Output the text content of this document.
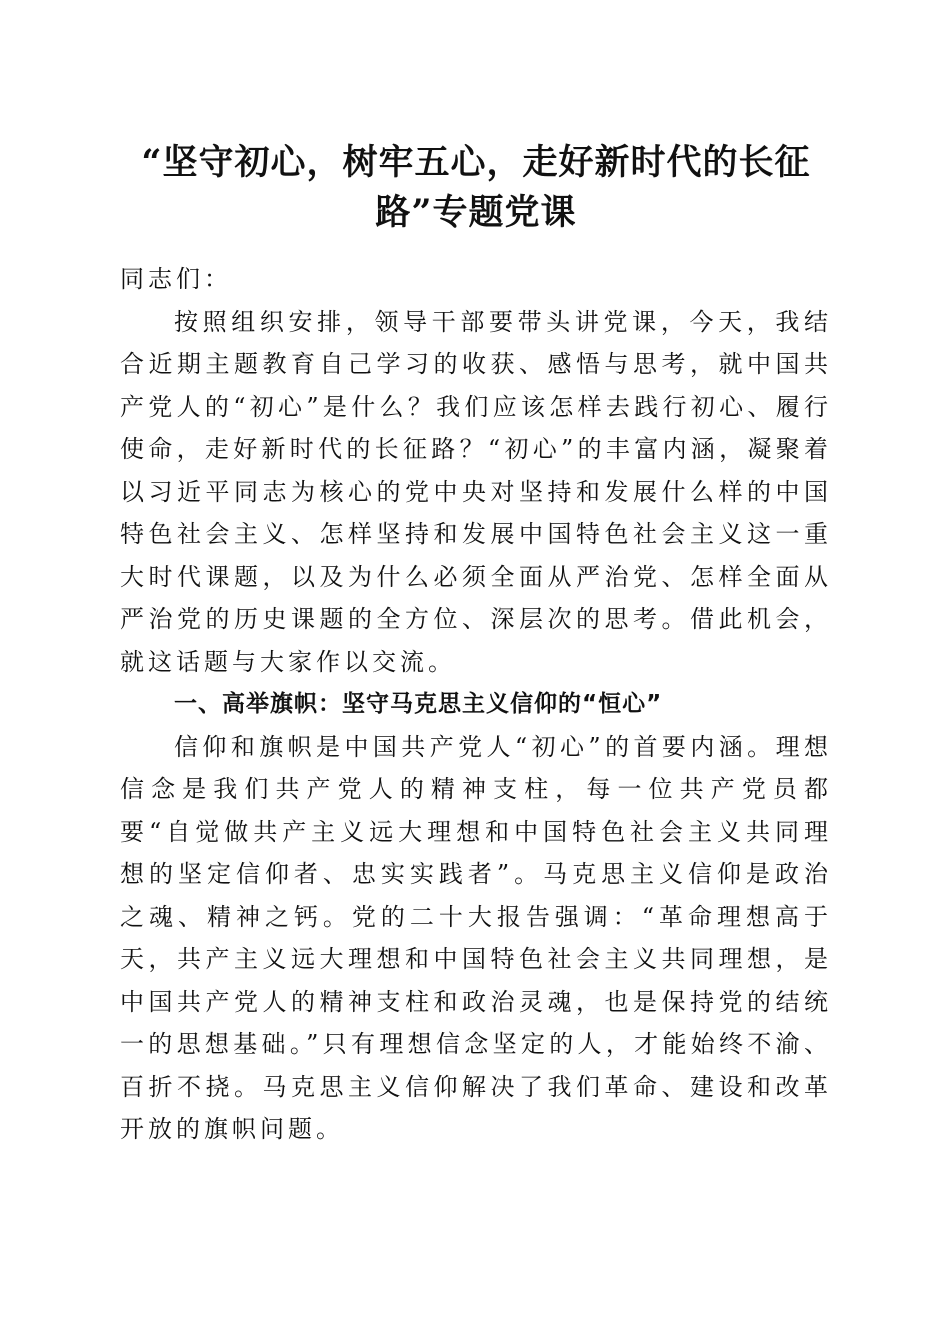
“坚守初心，树牢五心，走好新时代的长征
路”专题党课

同志们：

按照组织安排，领导干部要带头讲党课，今天，我结合近期主题教育自己学习的收获、感悟与思考，就中国共产党人的“初心”是什么？我们应该怎样去践行初心、履行使命，走好新时代的长征路？“初心”的丰富内涵，凝聚着以习近平同志为核心的党中央对坚持和发展什么样的中国特色社会主义、怎样坚持和发展中国特色社会主义这一重大时代课题，以及为什么必须全面从严治党、怎样全面从严治党的历史课题的全方位、深层次的思考。借此机会，就这话题与大家作以交流。

一、高举旗帜：坚守马克思主义信仰的“恒心”

信仰和旗帜是中国共产党人“初心”的首要内涵。理想信念是我们共产党人的精神支柱，每一位共产党员都要“自觉做共产主义远大理想和中国特色社会主义共同理想的坚定信仰者、忠实实践者”。马克思主义信仰是政治之魂、精神之钙。党的二十大报告强调：“革命理想高于天，共产主义远大理想和中国特色社会主义共同理想，是中国共产党人的精神支柱和政治灵魂，也是保持党的结统一的思想基础。”只有理想信念坚定的人，才能始终不渝、百折不挠。马克思主义信仰解决了我们革命、建设和改革开放的旗帜问题。
